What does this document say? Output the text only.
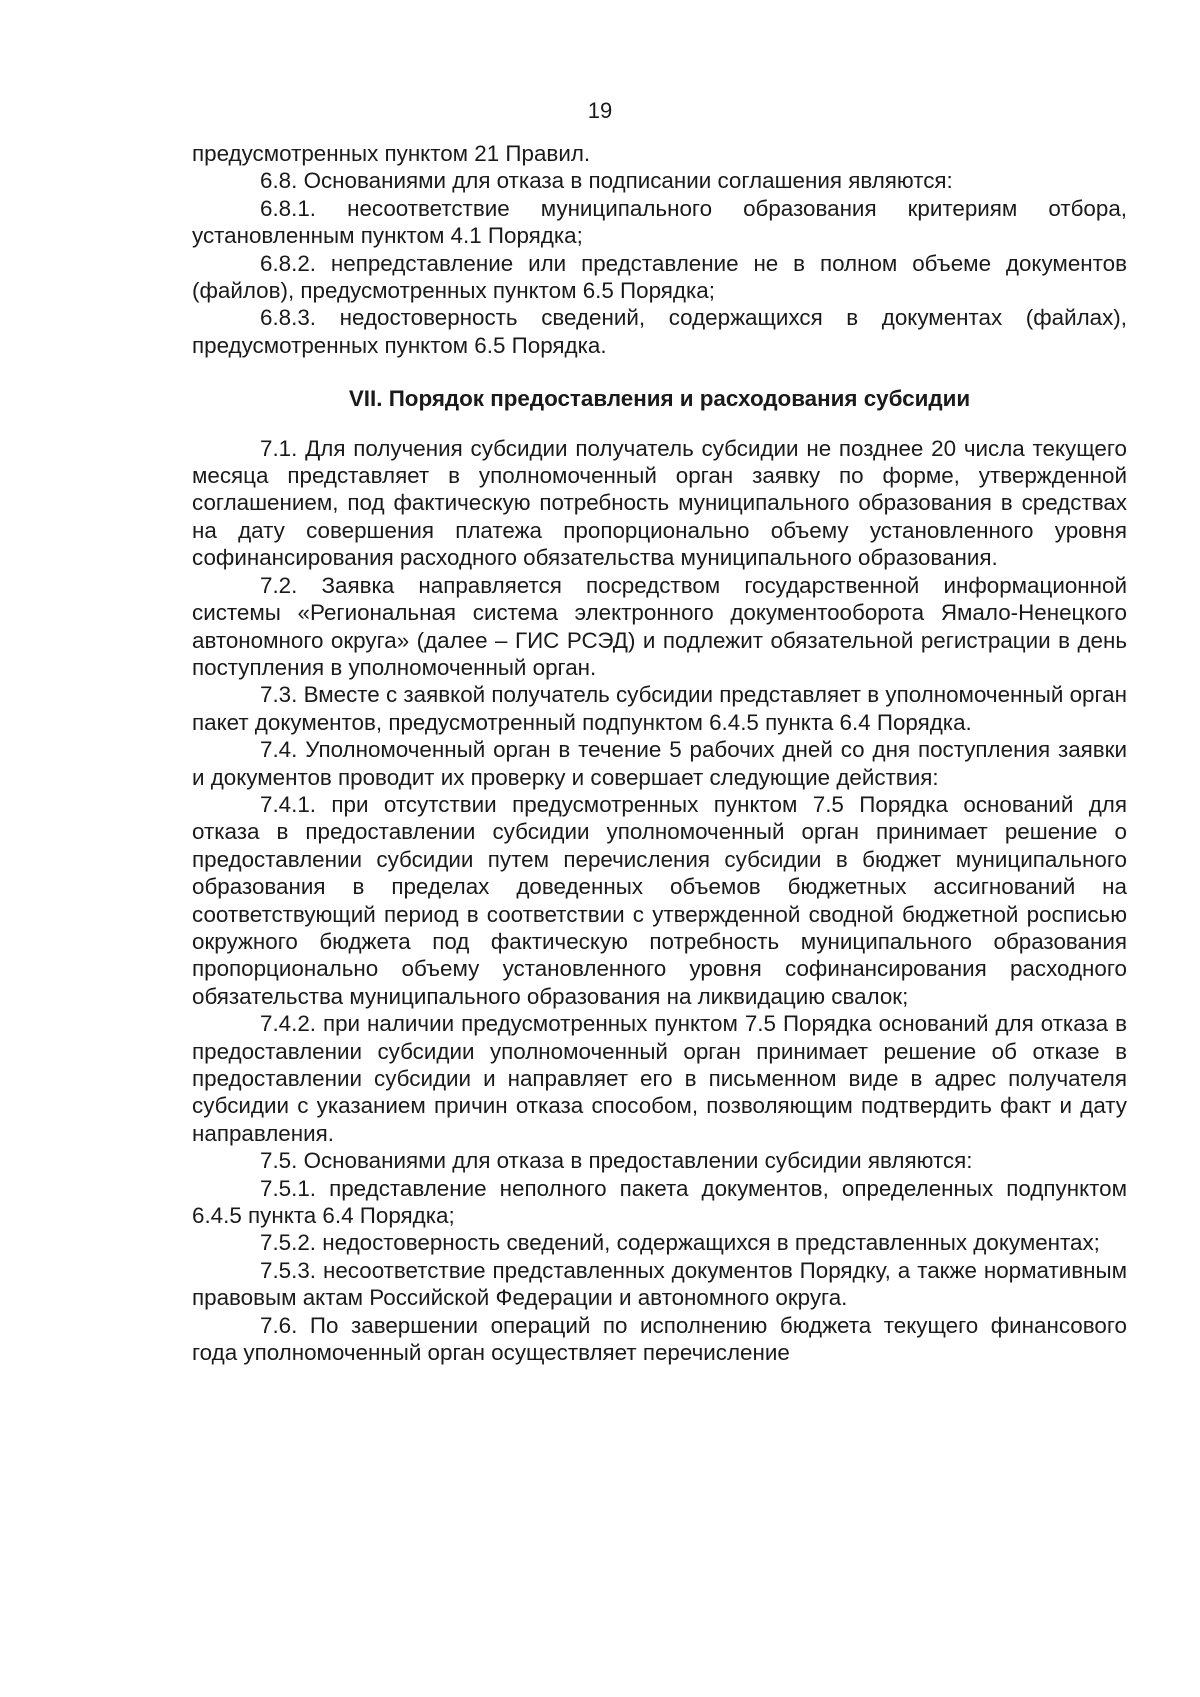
19

предусмотренных пунктом 21 Правил.

6.8. Основаниями для отказа в подписании соглашения являются:

6.8.1. несоответствие муниципального образования критериям отбора, установленным пунктом 4.1 Порядка;

6.8.2. непредставление или представление не в полном объеме документов (файлов), предусмотренных пунктом 6.5 Порядка;

6.8.3. недостоверность сведений, содержащихся в документах (файлах), предусмотренных пунктом 6.5 Порядка.

VII. Порядок предоставления и расходования субсидии

7.1. Для получения субсидии получатель субсидии не позднее 20 числа текущего месяца представляет в уполномоченный орган заявку по форме, утвержденной соглашением, под фактическую потребность муниципального образования в средствах на дату совершения платежа пропорционально объему установленного уровня софинансирования расходного обязательства муниципального образования.

7.2. Заявка направляется посредством государственной информационной системы «Региональная система электронного документооборота Ямало-Ненецкого автономного округа» (далее – ГИС РСЭД) и подлежит обязательной регистрации в день поступления в уполномоченный орган.

7.3. Вместе с заявкой получатель субсидии представляет в уполномоченный орган пакет документов, предусмотренный подпунктом 6.4.5 пункта 6.4 Порядка.

7.4. Уполномоченный орган в течение 5 рабочих дней со дня поступления заявки и документов проводит их проверку и совершает следующие действия:

7.4.1. при отсутствии предусмотренных пунктом 7.5 Порядка оснований для отказа в предоставлении субсидии уполномоченный орган принимает решение о предоставлении субсидии путем перечисления субсидии в бюджет муниципального образования в пределах доведенных объемов бюджетных ассигнований на соответствующий период в соответствии с утвержденной сводной бюджетной росписью окружного бюджета под фактическую потребность муниципального образования пропорционально объему установленного уровня софинансирования расходного обязательства муниципального образования на ликвидацию свалок;

7.4.2. при наличии предусмотренных пунктом 7.5 Порядка оснований для отказа в предоставлении субсидии уполномоченный орган принимает решение об отказе в предоставлении субсидии и направляет его в письменном виде в адрес получателя субсидии с указанием причин отказа способом, позволяющим подтвердить факт и дату направления.

7.5. Основаниями для отказа в предоставлении субсидии являются:

7.5.1. представление неполного пакета документов, определенных подпунктом 6.4.5 пункта 6.4 Порядка;

7.5.2. недостоверность сведений, содержащихся в представленных документах;

7.5.3. несоответствие представленных документов Порядку, а также нормативным правовым актам Российской Федерации и автономного округа.

7.6. По завершении операций по исполнению бюджета текущего финансового года уполномоченный орган осуществляет перечисление
